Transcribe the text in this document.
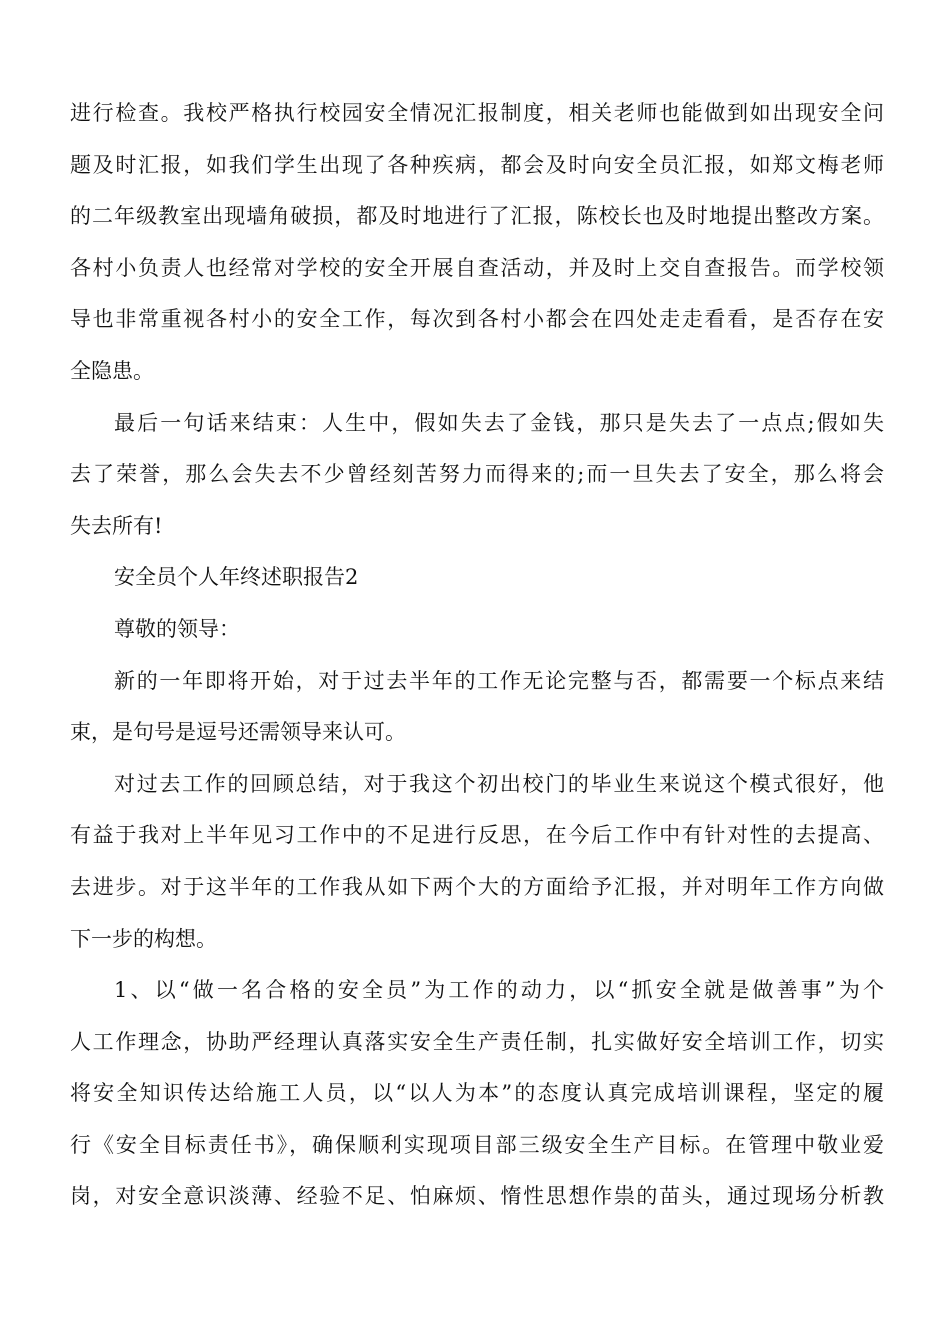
进行检查。我校严格执行校园安全情况汇报制度，相关老师也能做到如出现安全问
题及时汇报，如我们学生出现了各种疾病，都会及时向安全员汇报，如郑文梅老师
的二年级教室出现墙角破损，都及时地进行了汇报，陈校长也及时地提出整改方案。
各村小负责人也经常对学校的安全开展自查活动，并及时上交自查报告。而学校领
导也非常重视各村小的安全工作，每次到各村小都会在四处走走看看，是否存在安
全隐患。
最后一句话来结束：人生中，假如失去了金钱，那只是失去了一点点;假如失
去了荣誉，那么会失去不少曾经刻苦努力而得来的;而一旦失去了安全，那么将会
失去所有!
安全员个人年终述职报告2
尊敬的领导：
新的一年即将开始，对于过去半年的工作无论完整与否，都需要一个标点来结
束，是句号是逗号还需领导来认可。
对过去工作的回顾总结，对于我这个初出校门的毕业生来说这个模式很好，他
有益于我对上半年见习工作中的不足进行反思，在今后工作中有针对性的去提高、
去进步。对于这半年的工作我从如下两个大的方面给予汇报，并对明年工作方向做
下一步的构想。
1、以“做一名合格的安全员”为工作的动力，以“抓安全就是做善事”为个
人工作理念，协助严经理认真落实安全生产责任制，扎实做好安全培训工作，切实
将安全知识传达给施工人员，以“以人为本”的态度认真完成培训课程，坚定的履
行《安全目标责任书》，确保顺利实现项目部三级安全生产目标。在管理中敬业爱
岗，对安全意识淡薄、经验不足、怕麻烦、惰性思想作祟的苗头，通过现场分析教
